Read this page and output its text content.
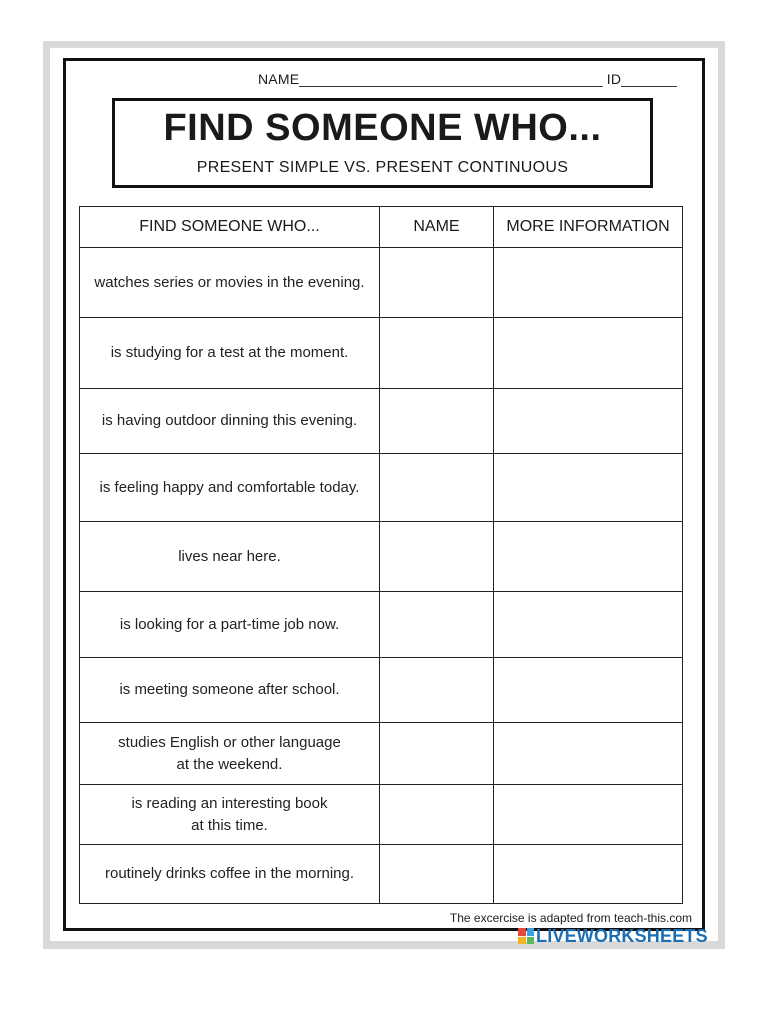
NAME______________________________________ ID_______
FIND SOMEONE WHO...
PRESENT SIMPLE VS. PRESENT CONTINUOUS
FIND SOMEONE WHO...	NAME	MORE INFORMATION
watches series or movies in the evening.		
is studying for a test at the moment.		
is having outdoor dinning this evening.		
is feeling happy and comfortable today.		
lives near here.		
is looking for a part-time job now.		
is meeting someone after school.		
studies English or other language
at the weekend.		
is reading an interesting book
at this time.		
routinely drinks coffee in the morning.		
The excercise is adapted from teach-this.com
LIVEWORKSHEETS
